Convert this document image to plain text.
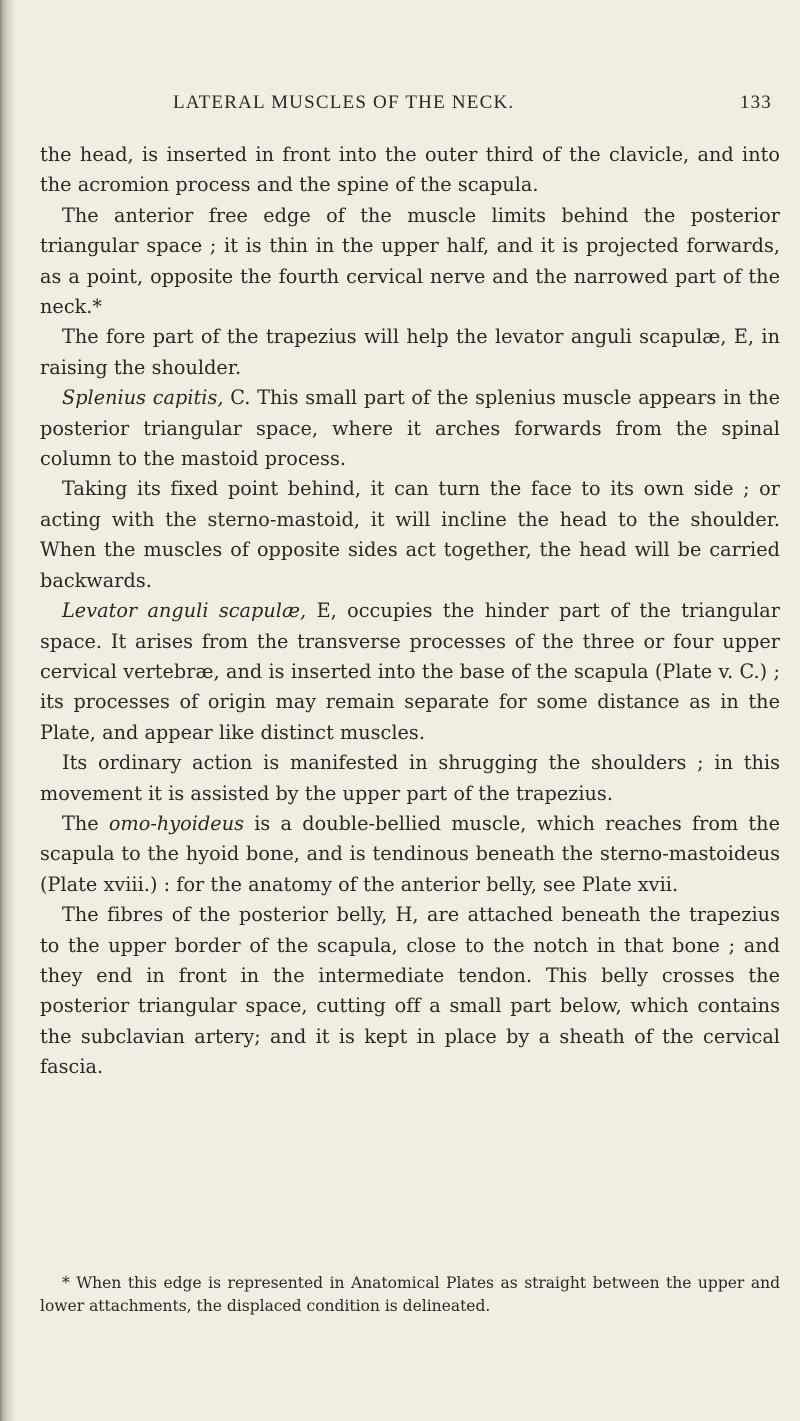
LATERAL MUSCLES OF THE NECK.	133

the head, is inserted in front into the outer third of the clavicle, and into the acromion process and the spine of the scapula.

The anterior free edge of the muscle limits behind the posterior triangular space ; it is thin in the upper half, and it is projected forwards, as a point, opposite the fourth cervical nerve and the narrowed part of the neck.*

The fore part of the trapezius will help the levator anguli scapulæ, E, in raising the shoulder.

Splenius capitis, C. This small part of the splenius muscle appears in the posterior triangular space, where it arches forwards from the spinal column to the mastoid process.

Taking its fixed point behind, it can turn the face to its own side ; or acting with the sterno-mastoid, it will incline the head to the shoulder. When the muscles of opposite sides act together, the head will be carried backwards.

Levator anguli scapulæ, E, occupies the hinder part of the triangular space. It arises from the transverse processes of the three or four upper cervical vertebræ, and is inserted into the base of the scapula (Plate v. C.) ; its processes of origin may remain separate for some distance as in the Plate, and appear like distinct muscles.

Its ordinary action is manifested in shrugging the shoulders ; in this movement it is assisted by the upper part of the trapezius.

The omo-hyoideus is a double-bellied muscle, which reaches from the scapula to the hyoid bone, and is tendinous beneath the sterno-mastoideus (Plate xviii.) : for the anatomy of the anterior belly, see Plate xvii.

The fibres of the posterior belly, H, are attached beneath the trapezius to the upper border of the scapula, close to the notch in that bone ; and they end in front in the intermediate tendon. This belly crosses the posterior triangular space, cutting off a small part below, which contains the subclavian artery; and it is kept in place by a sheath of the cervical fascia.

* When this edge is represented in Anatomical Plates as straight between the upper and lower attachments, the displaced condition is delineated.
